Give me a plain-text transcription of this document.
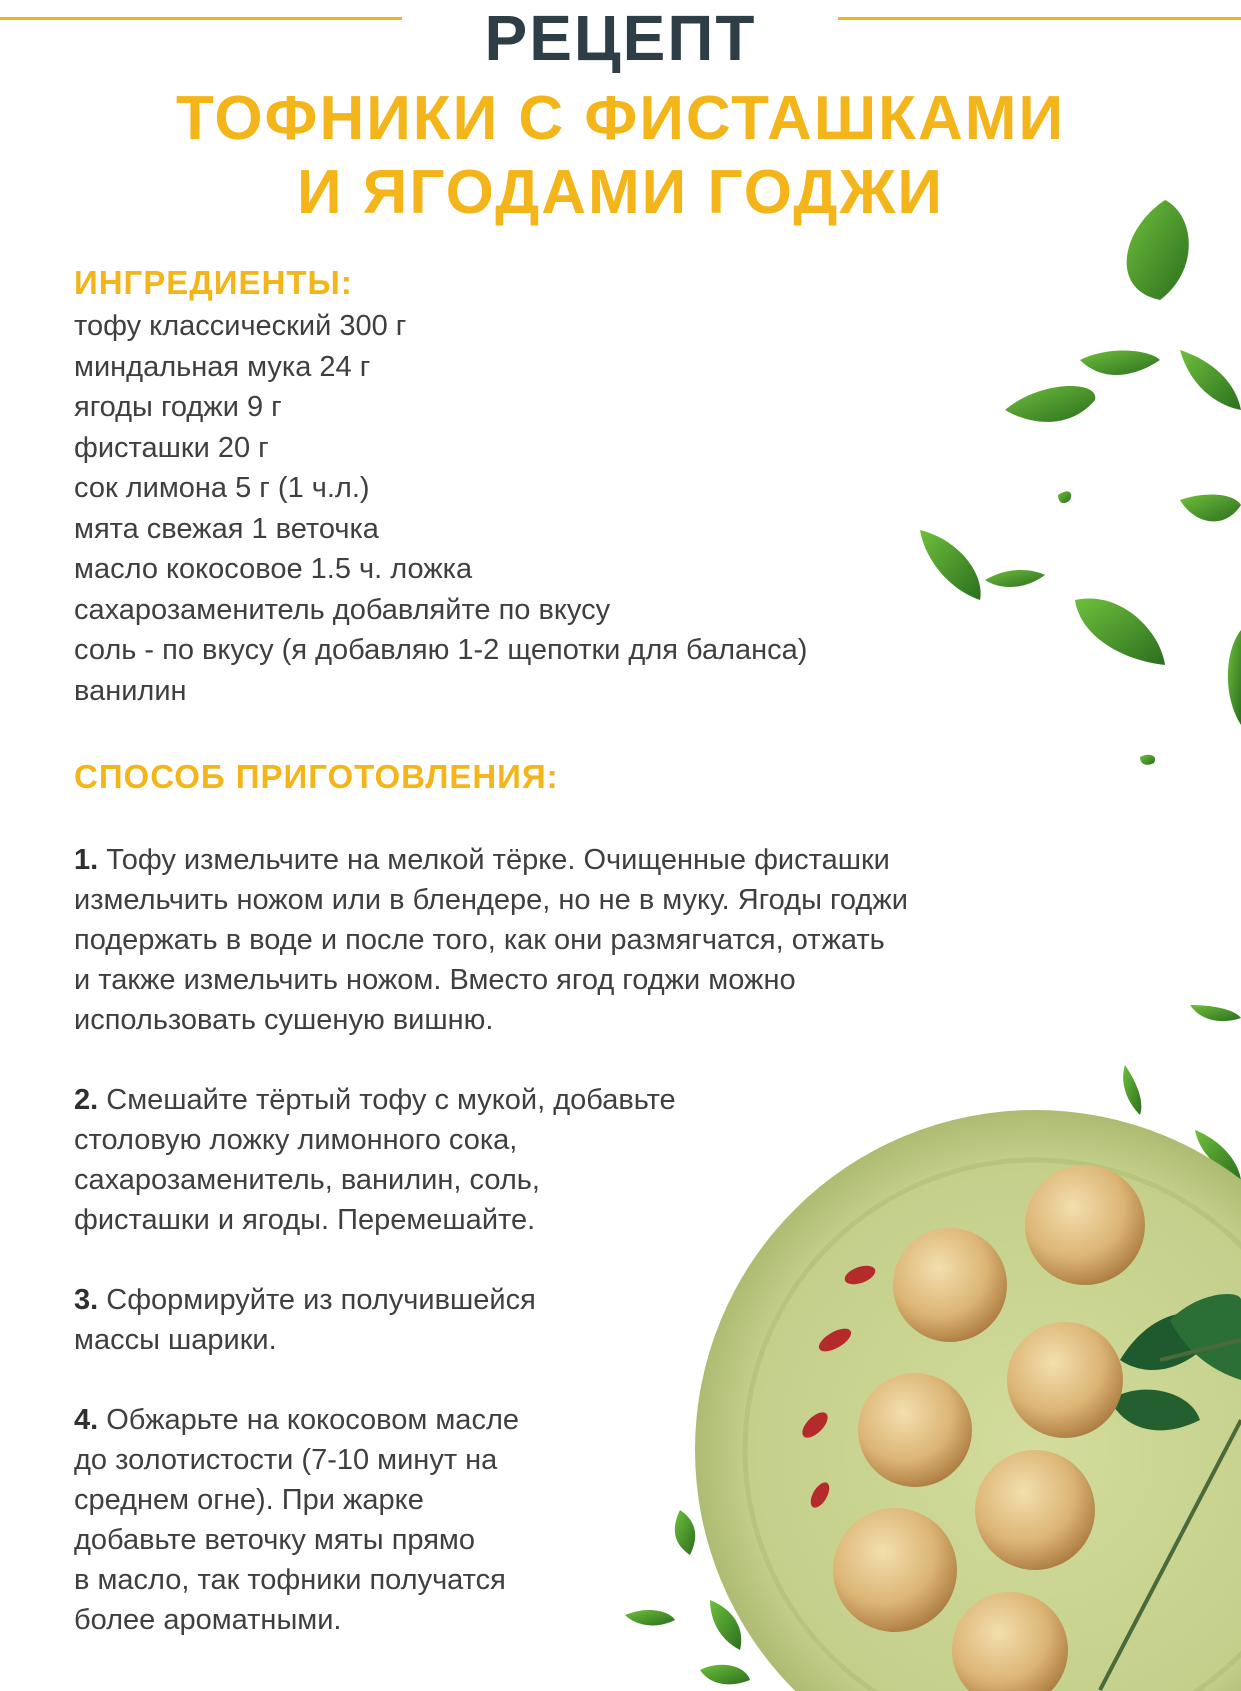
РЕЦЕПТ
ТОФНИКИ С ФИСТАШКАМИ
И ЯГОДАМИ ГОДЖИ
ИНГРЕДИЕНТЫ:
тофу классический 300 г
миндальная мука 24 г
ягоды годжи 9 г
фисташки 20 г
сок лимона 5 г (1 ч.л.)
мята свежая 1 веточка
масло кокосовое 1.5 ч. ложка
сахарозаменитель добавляйте по вкусу
соль - по вкусу (я добавляю 1-2 щепотки для баланса)
ванилин
СПОСОБ ПРИГОТОВЛЕНИЯ:

1. Тофу измельчите на мелкой тёрке. Очищенные фисташки
измельчить ножом или в блендере, но не в муку. Ягоды годжи
подержать в воде и после того, как они размягчатся, отжать
и также измельчить ножом. Вместо ягод годжи можно
использовать сушеную вишню.

2. Смешайте тёртый тофу с мукой, добавьте
столовую ложку лимонного сока,
сахарозаменитель, ванилин, соль,
фисташки и ягоды. Перемешайте.

3. Сформируйте из получившейся
массы шарики.

4. Обжарьте на кокосовом масле
до золотистости (7-10 минут на
среднем огне). При жарке
добавьте веточку мяты прямо
в масло, так тофники получатся
более ароматными.
